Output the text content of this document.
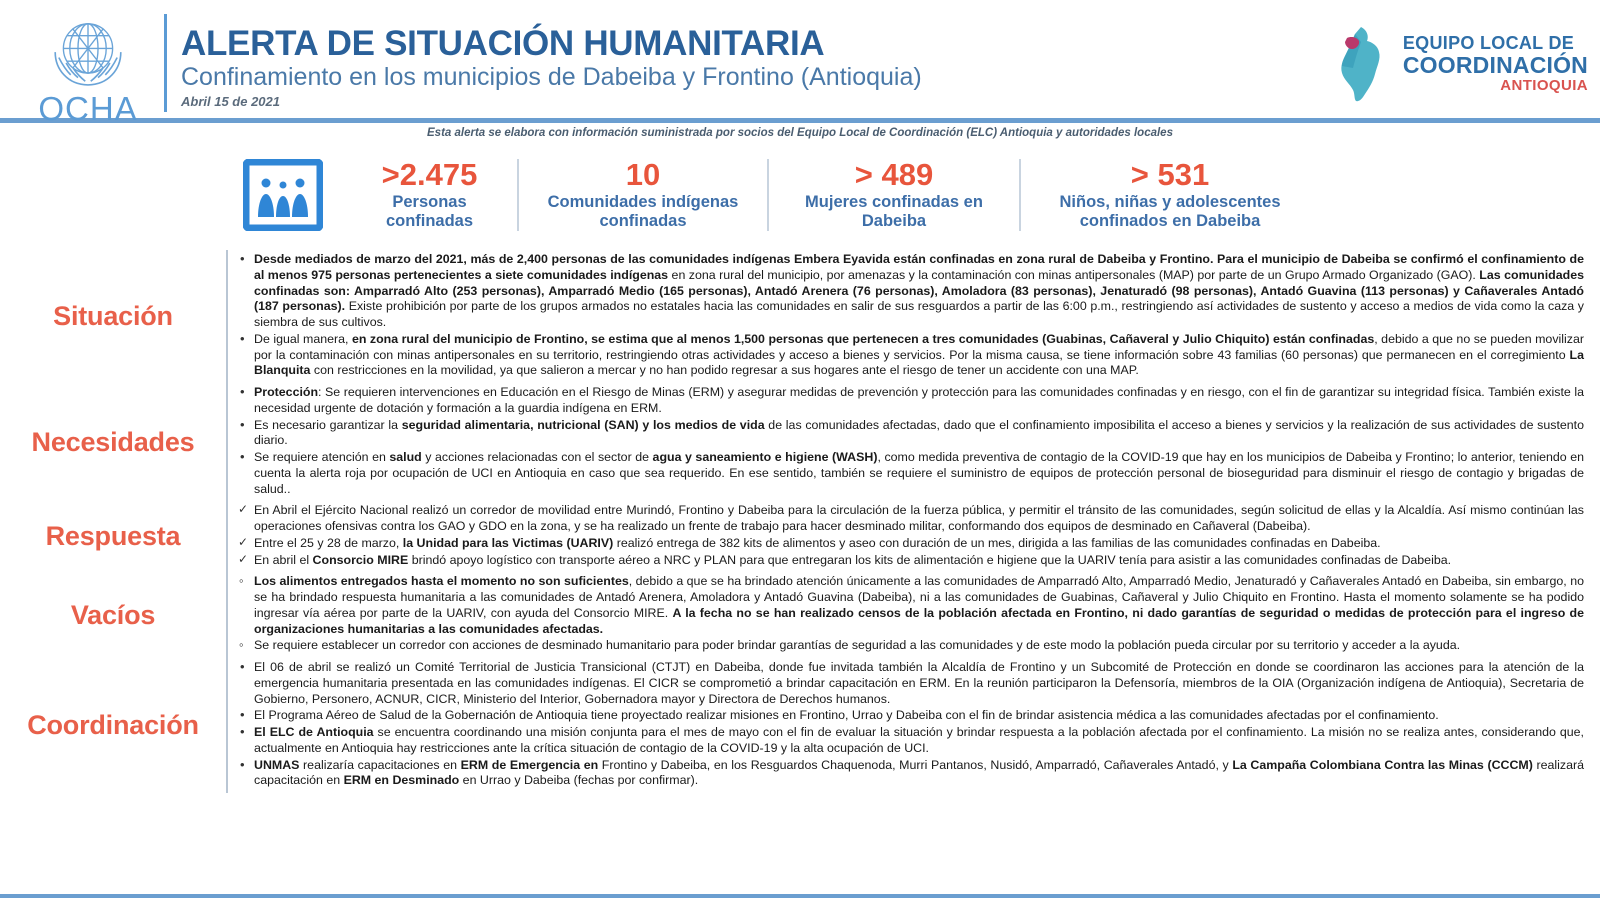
OCHA
ALERTA DE SITUACIÓN HUMANITARIA
Confinamiento en los municipios de Dabeiba y Frontino (Antioquia)
Abril 15 de 2021
EQUIPO LOCAL DE
COORDINACIÓN
ANTIOQUIA
Esta alerta se elabora con información suministrada por socios del Equipo Local de Coordinación (ELC) Antioquia y autoridades locales
>2.475
Personas
confinadas
10
Comunidades indígenas
confinadas
> 489
Mujeres confinadas en
Dabeiba
> 531
Niños, niñas y adolescentes
confinados en Dabeiba
Situación
• Desde mediados de marzo del 2021, más de 2,400 personas de las comunidades indígenas Embera Eyavida están confinadas en zona rural de Dabeiba y Frontino. Para el municipio de Dabeiba se confirmó el confinamiento de al menos 975 personas pertenecientes a siete comunidades indígenas en zona rural del municipio, por amenazas y la contaminación con minas antipersonales (MAP) por parte de un Grupo Armado Organizado (GAO). Las comunidades confinadas son: Amparradó Alto (253 personas), Amparradó Medio (165 personas), Antadó Arenera (76 personas), Amoladora (83 personas), Jenaturadó (98 personas), Antadó Guavina (113 personas) y Cañaverales Antadó (187 personas). Existe prohibición por parte de los grupos armados no estatales hacia las comunidades en salir de sus resguardos a partir de las 6:00 p.m., restringiendo así actividades de sustento y acceso a medios de vida como la caza y siembra de sus cultivos.
• De igual manera, en zona rural del municipio de Frontino, se estima que al menos 1,500 personas que pertenecen a tres comunidades (Guabinas, Cañaveral y Julio Chiquito) están confinadas, debido a que no se pueden movilizar por la contaminación con minas antipersonales en su territorio, restringiendo otras actividades y acceso a bienes y servicios. Por la misma causa, se tiene información sobre 43 familias (60 personas) que permanecen en el corregimiento La Blanquita con restricciones en la movilidad, ya que salieron a mercar y no han podido regresar a sus hogares ante el riesgo de tener un accidente con una MAP.
Necesidades
• Protección: Se requieren intervenciones en Educación en el Riesgo de Minas (ERM) y asegurar medidas de prevención y protección para las comunidades confinadas y en riesgo, con el fin de garantizar su integridad física. También existe la necesidad urgente de dotación y formación a la guardia indígena en ERM.
• Es necesario garantizar la seguridad alimentaria, nutricional (SAN) y los medios de vida de las comunidades afectadas, dado que el confinamiento imposibilita el acceso a bienes y servicios y la realización de sus actividades de sustento diario.
• Se requiere atención en salud y acciones relacionadas con el sector de agua y saneamiento e higiene (WASH), como medida preventiva de contagio de la COVID-19 que hay en los municipios de Dabeiba y Frontino; lo anterior, teniendo en cuenta la alerta roja por ocupación de UCI en Antioquia en caso que sea requerido. En ese sentido, también se requiere el suministro de equipos de protección personal de bioseguridad para disminuir el riesgo de contagio y brigadas de salud..
Respuesta
✓ En Abril el Ejército Nacional realizó un corredor de movilidad entre Murindó, Frontino y Dabeiba para la circulación de la fuerza pública, y permitir el tránsito de las comunidades, según solicitud de ellas y la Alcaldía. Así mismo continúan las operaciones ofensivas contra los GAO y GDO en la zona, y se ha realizado un frente de trabajo para hacer desminado militar, conformando dos equipos de desminado en Cañaveral (Dabeiba).
✓ Entre el 25 y 28 de marzo, la Unidad para las Victimas (UARIV) realizó entrega de 382 kits de alimentos y aseo con duración de un mes, dirigida a las familias de las comunidades confinadas en Dabeiba.
✓ En abril el Consorcio MIRE brindó apoyo logístico con transporte aéreo a NRC y PLAN para que entregaran los kits de alimentación e higiene que la UARIV tenía para asistir a las comunidades confinadas de Dabeiba.
Vacíos
◦ Los alimentos entregados hasta el momento no son suficientes, debido a que se ha brindado atención únicamente a las comunidades de Amparradó Alto, Amparradó Medio, Jenaturadó y Cañaverales Antadó en Dabeiba, sin embargo, no se ha brindado respuesta humanitaria a las comunidades de Antadó Arenera, Amoladora y Antadó Guavina (Dabeiba), ni a las comunidades de Guabinas, Cañaveral y Julio Chiquito en Frontino. Hasta el momento solamente se ha podido ingresar vía aérea por parte de la UARIV, con ayuda del Consorcio MIRE. A la fecha no se han realizado censos de la población afectada en Frontino, ni dado garantías de seguridad o medidas de protección para el ingreso de organizaciones humanitarias a las comunidades afectadas.
◦ Se requiere establecer un corredor con acciones de desminado humanitario para poder brindar garantías de seguridad a las comunidades y de este modo la población pueda circular por su territorio y acceder a la ayuda.
Coordinación
• El 06 de abril se realizó un Comité Territorial de Justicia Transicional (CTJT) en Dabeiba, donde fue invitada también la Alcaldía de Frontino y un Subcomité de Protección en donde se coordinaron las acciones para la atención de la emergencia humanitaria presentada en las comunidades indígenas. El CICR se comprometió a brindar capacitación en ERM. En la reunión participaron la Defensoría, miembros de la OIA (Organización indígena de Antioquia), Secretaria de Gobierno, Personero, ACNUR, CICR, Ministerio del Interior, Gobernadora mayor y Directora de Derechos humanos.
• El Programa Aéreo de Salud de la Gobernación de Antioquia tiene proyectado realizar misiones en Frontino, Urrao y Dabeiba con el fin de brindar asistencia médica a las comunidades afectadas por el confinamiento.
• El ELC de Antioquia se encuentra coordinando una misión conjunta para el mes de mayo con el fin de evaluar la situación y brindar respuesta a la población afectada por el confinamiento. La misión no se realiza antes, considerando que, actualmente en Antioquia hay restricciones ante la crítica situación de contagio de la COVID-19 y la alta ocupación de UCI.
• UNMAS realizaría capacitaciones en ERM de Emergencia en Frontino y Dabeiba, en los Resguardos Chaquenoda, Murri Pantanos, Nusidó, Amparradó, Cañaverales Antadó, y La Campaña Colombiana Contra las Minas (CCCM) realizará capacitación en ERM en Desminado en Urrao y Dabeiba (fechas por confirmar).
